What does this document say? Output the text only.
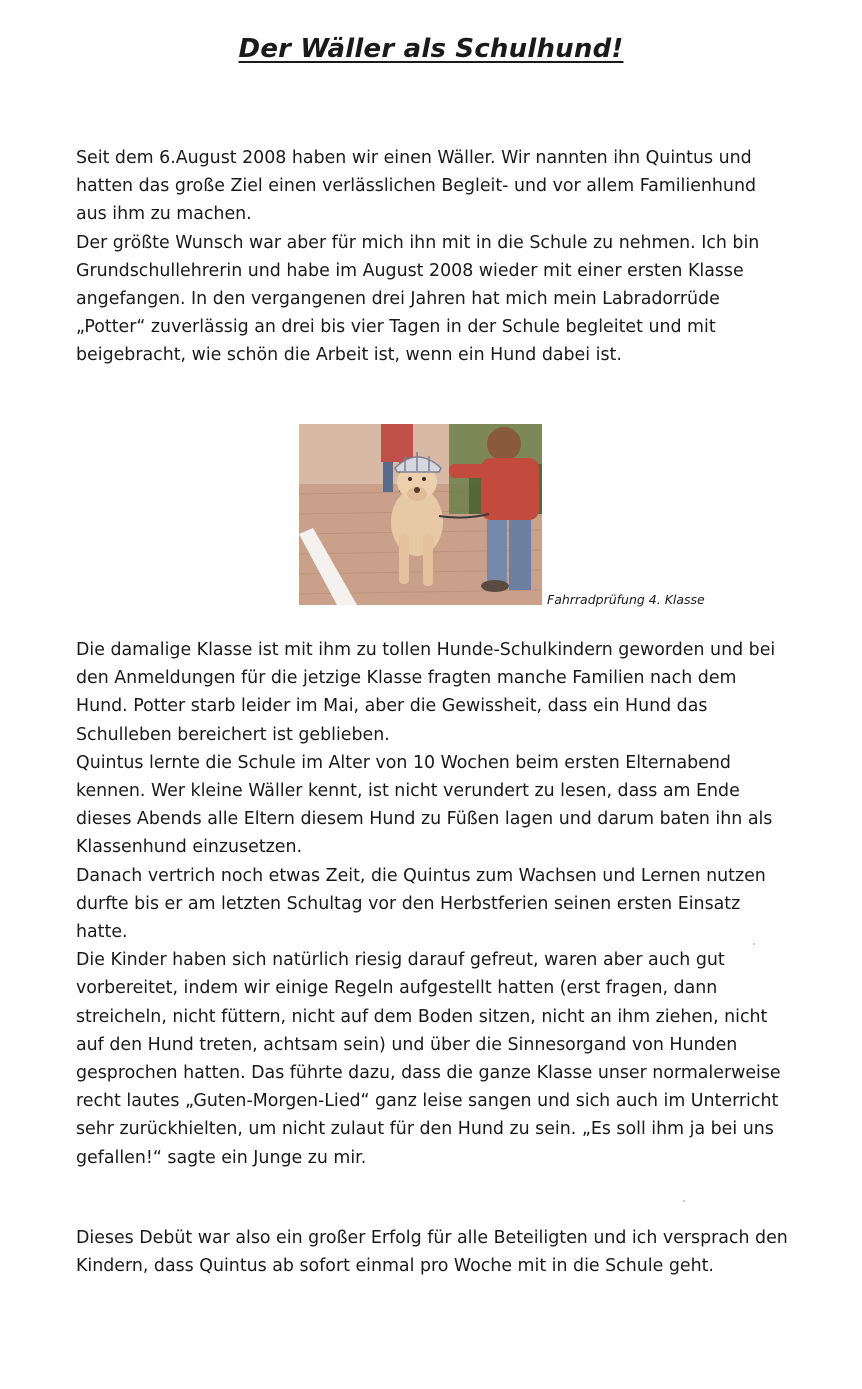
Der Wäller als Schulhund!

Seit dem 6.August 2008 haben wir einen Wäller. Wir nannten ihn Quintus und hatten das große Ziel einen verlässlichen Begleit- und vor allem Familienhund aus ihm zu machen.

Der größte Wunsch war aber für mich ihn mit in die Schule zu nehmen. Ich bin Grundschullehrerin und habe im August 2008 wieder mit einer ersten Klasse angefangen. In den vergangenen drei Jahren hat mich mein Labradorrüde „Potter“ zuverlässig an drei bis vier Tagen in der Schule begleitet und mit beigebracht, wie schön die Arbeit ist, wenn ein Hund dabei ist.

Fahrradprüfung 4. Klasse

Die damalige Klasse ist mit ihm zu tollen Hunde-Schulkindern geworden und bei den Anmeldungen für die jetzige Klasse fragten manche Familien nach dem Hund. Potter starb leider im Mai, aber die Gewissheit, dass ein Hund das Schulleben bereichert ist geblieben.

Quintus lernte die Schule im Alter von 10 Wochen beim ersten Elternabend kennen. Wer kleine Wäller kennt, ist nicht verundert zu lesen, dass am Ende dieses Abends alle Eltern diesem Hund zu Füßen lagen und darum baten ihn als Klassenhund einzusetzen.

Danach vertrich noch etwas Zeit, die Quintus zum Wachsen und Lernen nutzen durfte bis er am letzten Schultag vor den Herbstferien seinen ersten Einsatz hatte.

Die Kinder haben sich natürlich riesig darauf gefreut, waren aber auch gut vorbereitet, indem wir einige Regeln aufgestellt hatten (erst fragen, dann streicheln, nicht füttern, nicht auf dem Boden sitzen, nicht an ihm ziehen, nicht auf den Hund treten, achtsam sein) und über die Sinnesorgand von Hunden gesprochen hatten. Das führte dazu, dass die ganze Klasse unser normalerweise recht lautes „Guten-Morgen-Lied“ ganz leise sangen und sich auch im Unterricht sehr zurückhielten, um nicht zulaut für den Hund zu sein. „Es soll ihm ja bei uns gefallen!“ sagte ein Junge zu mir.

Dieses Debüt war also ein großer Erfolg für alle Beteiligten und ich versprach den Kindern, dass Quintus ab sofort einmal pro Woche mit in die Schule geht.
